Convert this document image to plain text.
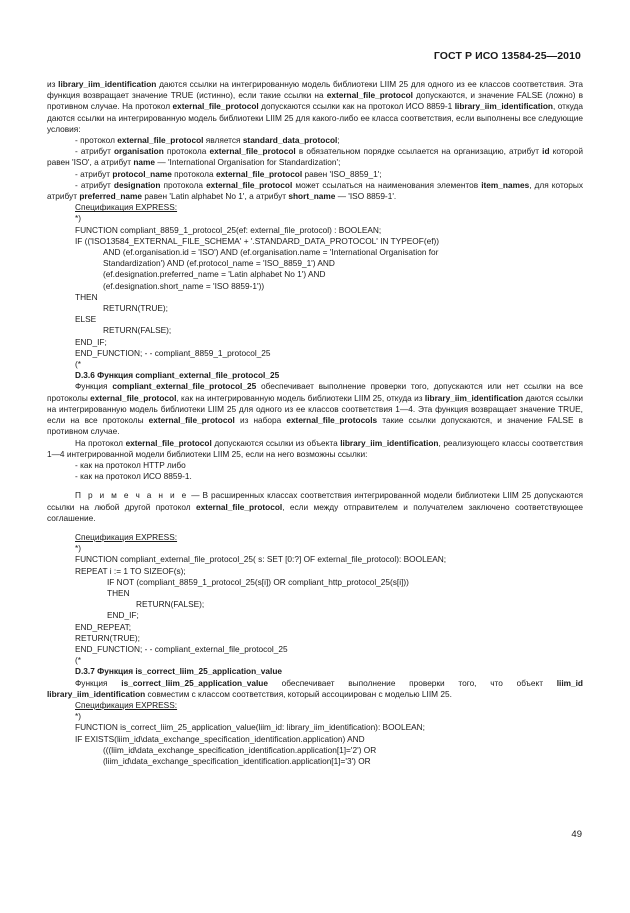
ГОСТ Р ИСО 13584-25—2010

из library_iim_identification даются ссылки на интегрированную модель библиотеки LIIM 25 для одного из ее классов соответствия. Эта функция возвращает значение TRUE (истинно), если такие ссылки на external_file_protocol допускаются, и значение FALSE (ложно) в противном случае. На протокол external_file_protocol допускаются ссылки как на протокол ИСО 8859-1 library_iim_identification, откуда даются ссылки на интегрированную модель библиотеки LIIM 25 для какого-либо ее класса соответствия, если выполнены все следующие условия:

- протокол external_file_protocol является standard_data_protocol;

- атрибут organisation протокола external_file_protocol в обязательном порядке ссылается на организацию, атрибут id которой равен 'ISO', а атрибут name — 'International Organisation for Standardization';

- атрибут protocol_name протокола external_file_protocol равен 'ISO_8859_1';

- атрибут designation протокола external_file_protocol может ссылаться на наименования элементов item_names, для которых атрибут preferred_name равен 'Latin alphabet No 1', а атрибут short_name — 'ISO 8859-1'.

Спецификация EXPRESS:

*)
FUNCTION compliant_8859_1_protocol_25(ef: external_file_protocol) : BOOLEAN;
IF (('ISO13584_EXTERNAL_FILE_SCHEMA' + '.STANDARD_DATA_PROTOCOL' IN TYPEOF(ef))
AND (ef.organisation.id = 'ISO') AND (ef.organisation.name = 'International Organisation for
Standardization') AND (ef.protocol_name = 'ISO_8859_1') AND
(ef.designation.preferred_name = 'Latin alphabet No 1') AND
(ef.designation.short_name = 'ISO 8859-1'))
THEN
RETURN(TRUE);
ELSE
RETURN(FALSE);
END_IF;
END_FUNCTION; - - compliant_8859_1_protocol_25
(*

D.3.6 Функция compliant_external_file_protocol_25

Функция compliant_external_file_protocol_25 обеспечивает выполнение проверки того, допускаются или нет ссылки на все протоколы external_file_protocol, как на интегрированную модель библиотеки LIIM 25, откуда из library_iim_identification даются ссылки на интегрированную модель библиотеки LIIM 25 для одного из ее классов соответствия 1—4. Эта функция возвращает значение TRUE, если на все протоколы external_file_protocol из набора external_file_protocols такие ссылки допускаются, и значение FALSE в противном случае.

На протокол external_file_protocol допускаются ссылки из объекта library_iim_identification, реализующего классы соответствия 1—4 интегрированной модели библиотеки LIIM 25, если на него возможны ссылки:

- как на протокол HTTP либо

- как на протокол ИСО 8859-1.

П р и м е ч а н и е — В расширенных классах соответствия интегрированной модели библиотеки LIIM 25 допускаются ссылки на любой другой протокол external_file_protocol, если между отправителем и получателем заключено соответствующее соглашение.

Спецификация EXPRESS:

*)
FUNCTION compliant_external_file_protocol_25( s: SET [0:?] OF external_file_protocol): BOOLEAN;
REPEAT i := 1 TO SIZEOF(s);
IF NOT (compliant_8859_1_protocol_25(s[i]) OR compliant_http_protocol_25(s[i]))
THEN
RETURN(FALSE);
END_IF;
END_REPEAT;
RETURN(TRUE);
END_FUNCTION; - - compliant_external_file_protocol_25
(*

D.3.7 Функция is_correct_liim_25_application_value

Функция is_correct_liim_25_application_value обеспечивает выполнение проверки того, что объект liim_id library_iim_identification совместим с классом соответствия, который ассоциирован с моделью LIIM 25.

Спецификация EXPRESS:

*)
FUNCTION is_correct_liim_25_application_value(liim_id: library_iim_identification): BOOLEAN;
IF EXISTS(liim_id\data_exchange_specification_identification.application) AND
(((liim_id\data_exchange_specification_identification.application[1]='2') OR
(liim_id\data_exchange_specification_identification.application[1]='3') OR
49
